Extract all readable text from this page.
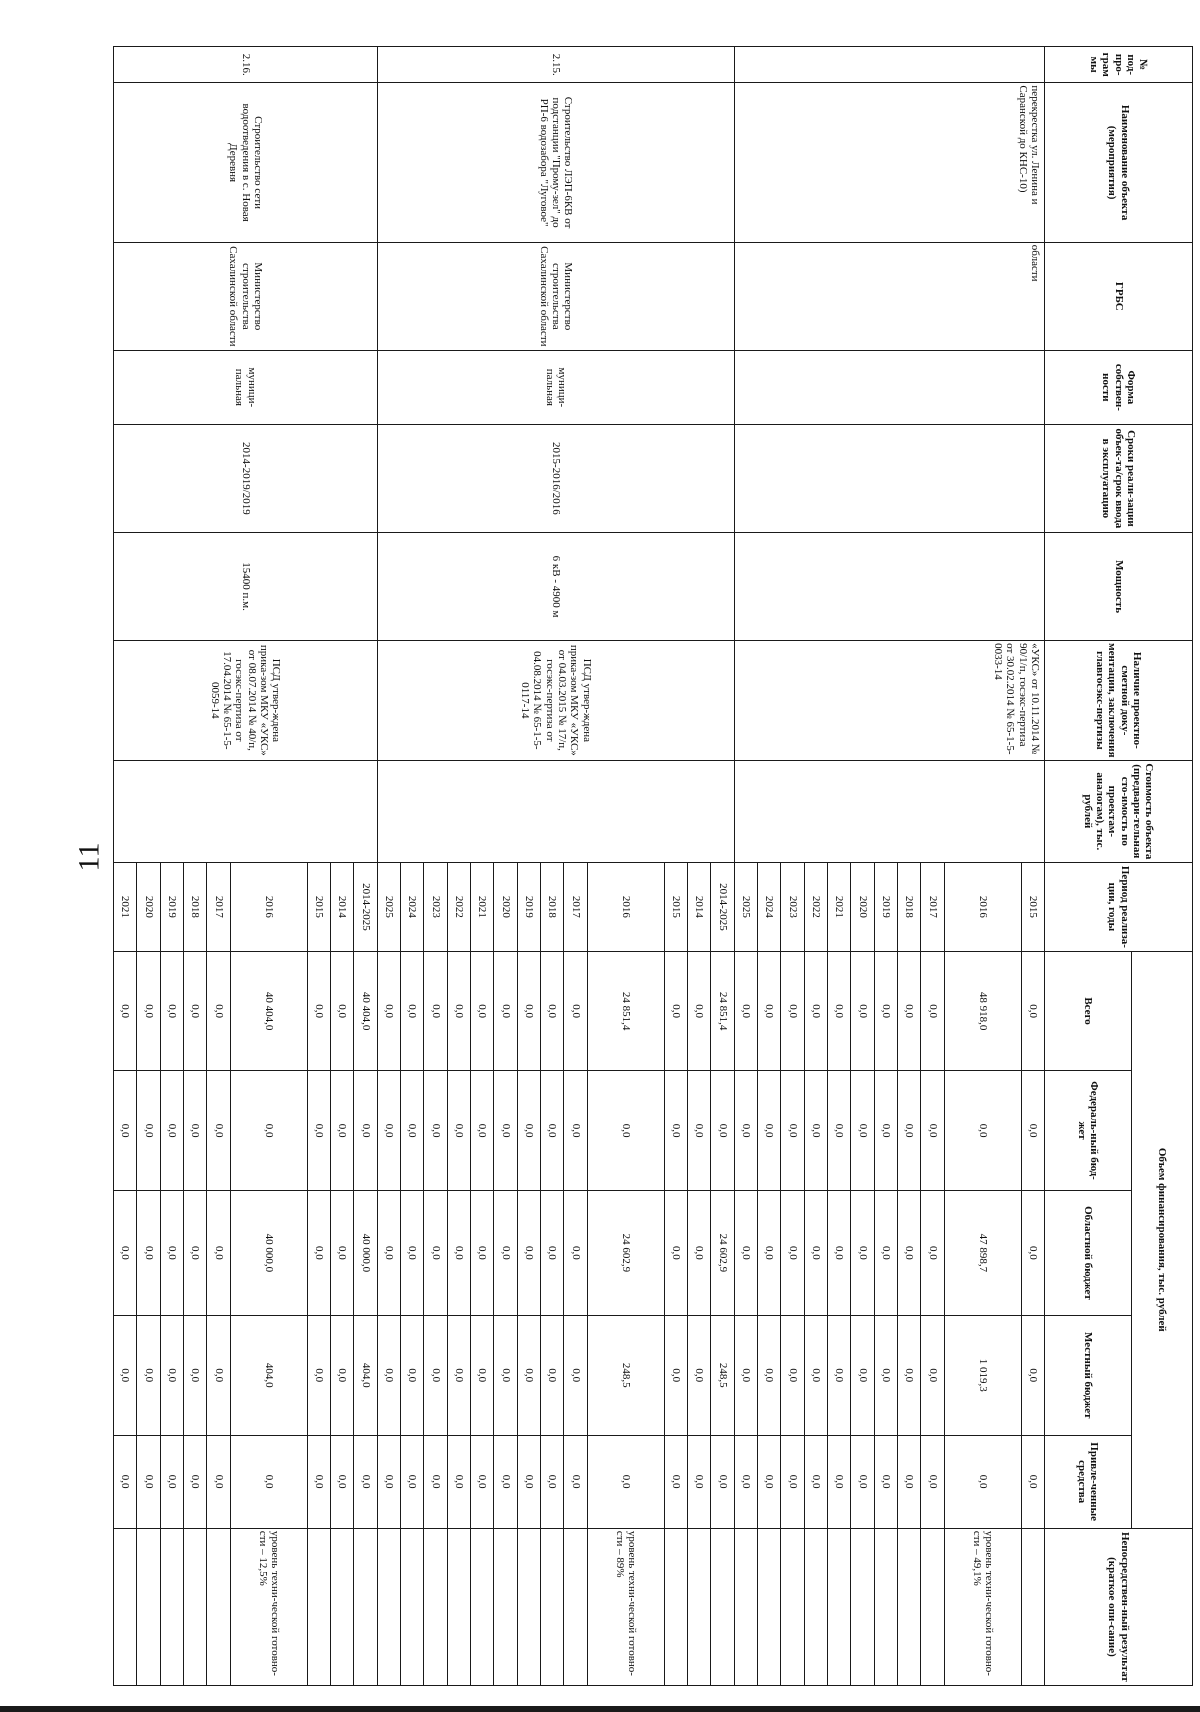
11
№ под-про-грам мы	Наименование объекта (мероприятия)	ГРБС	Форма собствен-ности	Сроки реали-зации объек-та/срок ввода в эксплуатацию	Мощность	Наличие проектно-сметной доку-ментации, заключения главгосэкс-пертизы	Стоимость объекта (предвари-тельная сто-имость по проектам-аналогам), тыс. рублей	Период реализа-ции, годы	Объем финансирования, тыс. рублей					Непосредствен-ный результат (краткое опи-сание)
									Всего	Федераль-ный бюд-жет	Областной бюджет	Местный бюджет	Привле-ченные средства	
	перекрестка ул. Ленина и Саранской до КНС-10)	области				«УКС» от 10.11.2014 № 90/1/п, госэкс-пертиза от 30.02.2014 № 65-1-5-0033-14		2015	0,0	0,0	0,0	0,0	0,0	
								2016	48 918,0	0,0	47 898,7	1 019,3	0,0	уровень техни-ческой готовно-сти – 49,1%
								2017	0,0	0,0	0,0	0,0	0,0	
								2018	0,0	0,0	0,0	0,0	0,0	
								2019	0,0	0,0	0,0	0,0	0,0	
								2020	0,0	0,0	0,0	0,0	0,0	
								2021	0,0	0,0	0,0	0,0	0,0	
								2022	0,0	0,0	0,0	0,0	0,0	
								2023	0,0	0,0	0,0	0,0	0,0	
								2024	0,0	0,0	0,0	0,0	0,0	
								2025	0,0	0,0	0,0	0,0	0,0	
2.15.	Строительство ЛЭП-6КВ от подстанции "Прому-зел" до РП-6 водозабора "Луговое"	Министерство строительства Сахалинской области	муници-пальная	2015-2016/2016	6 кВ - 4900 м	ПСД утвер-ждена прика-зом МКУ «УКС» от 04.03.2015 № 17/п, госэкс-пертиза от 04.08.2014 № 65-1-5-0117-14		2014-2025	24 851,4	0,0	24 602,9	248,5	0,0	
								2014	0,0	0,0	0,0	0,0	0,0	
								2015	0,0	0,0	0,0	0,0	0,0	
								2016	24 851,4	0,0	24 602,9	248,5	0,0	уровень техни-ческой готовно-сти – 89%
								2017	0,0	0,0	0,0	0,0	0,0	
								2018	0,0	0,0	0,0	0,0	0,0	
								2019	0,0	0,0	0,0	0,0	0,0	
								2020	0,0	0,0	0,0	0,0	0,0	
								2021	0,0	0,0	0,0	0,0	0,0	
								2022	0,0	0,0	0,0	0,0	0,0	
								2023	0,0	0,0	0,0	0,0	0,0	
								2024	0,0	0,0	0,0	0,0	0,0	
								2025	0,0	0,0	0,0	0,0	0,0	
2.16.	Строительство сети водоотведения в с. Новая Деревня	Министерство строительства Сахалинской области	муници-пальная	2014-2019/2019	15400 п.м.	ПСД утвер-ждена прика-зом МКУ «УКС» от 08.07.2014 № 40/п, госэкс-пертиза от 17.04.2014 № 65-1-5-0059-14		2014-2025	40 404,0	0,0	40 000,0	404,0	0,0	
								2014	0,0	0,0	0,0	0,0	0,0	
								2015	0,0	0,0	0,0	0,0	0,0	
								2016	40 404,0	0,0	40 000,0	404,0	0,0	уровень техни-ческой готовно-сти – 12,5%
								2017	0,0	0,0	0,0	0,0	0,0	
								2018	0,0	0,0	0,0	0,0	0,0	
								2019	0,0	0,0	0,0	0,0	0,0	
								2020	0,0	0,0	0,0	0,0	0,0	
								2021	0,0	0,0	0,0	0,0	0,0	
